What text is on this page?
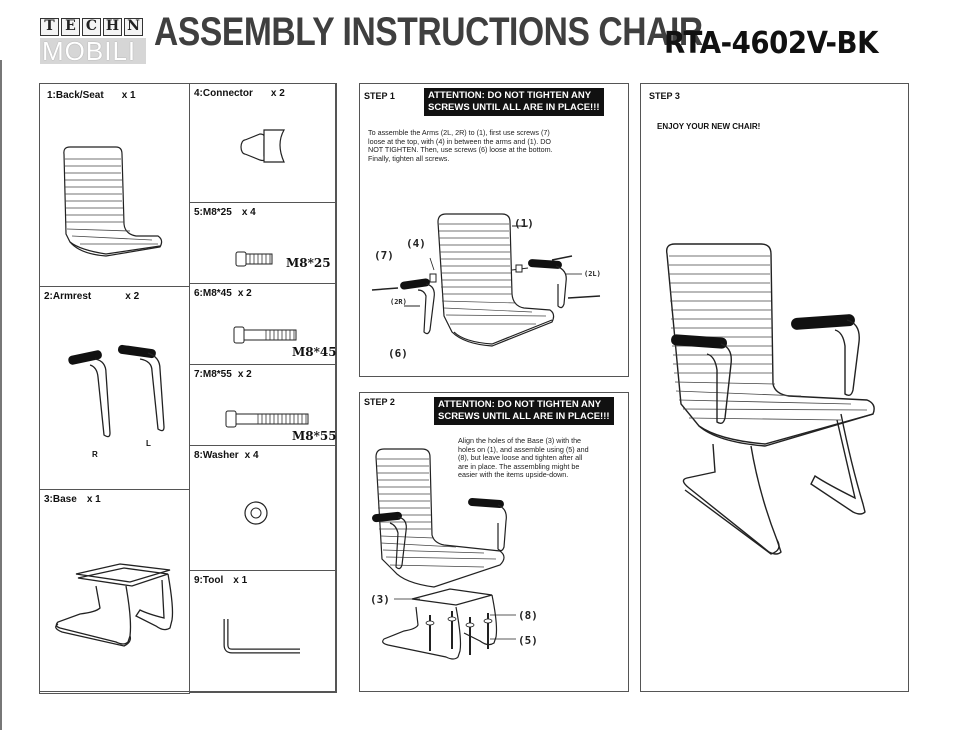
T E C H N
MOBILI ASSEMBLY INSTRUCTIONS CHAIR
RTA-4602V-BK
1:Back/Seat x 1
2:Armrest	x 2
R
L
3:Base x 1
4:Connector x 2
5:M8*25 x 4
M8*25
6:M8*45 x 2
M8*45
7:M8*55 x 2
M8*55
8:Washer x 4
9:Tool x 1
STEP 1	ATTENTION: DO NOT TIGHTEN ANY
SCREWS UNTIL ALL ARE IN PLACE!!!
To assemble the Arms (2L, 2R) to (1), first use screws (7)
loose at the top, with (4) in between the arms and (1). DO
NOT TIGHTEN. Then, use screws (6) loose at the bottom.
Finally, tighten all screws.
(1)
(4)
(7)
(2L)
(2R)
(6)
STEP 2	ATTENTION: DO NOT TIGHTEN ANY
SCREWS UNTIL ALL ARE IN PLACE!!!
Align the holes of the Base (3) with the
holes on (1), and assemble using (5) and
(8), but leave loose and tighten after all
are in place. The assembling might be
easier with the items upside-down.
(3)
(8)
(5)
STEP 3
ENJOY YOUR NEW CHAIR!
